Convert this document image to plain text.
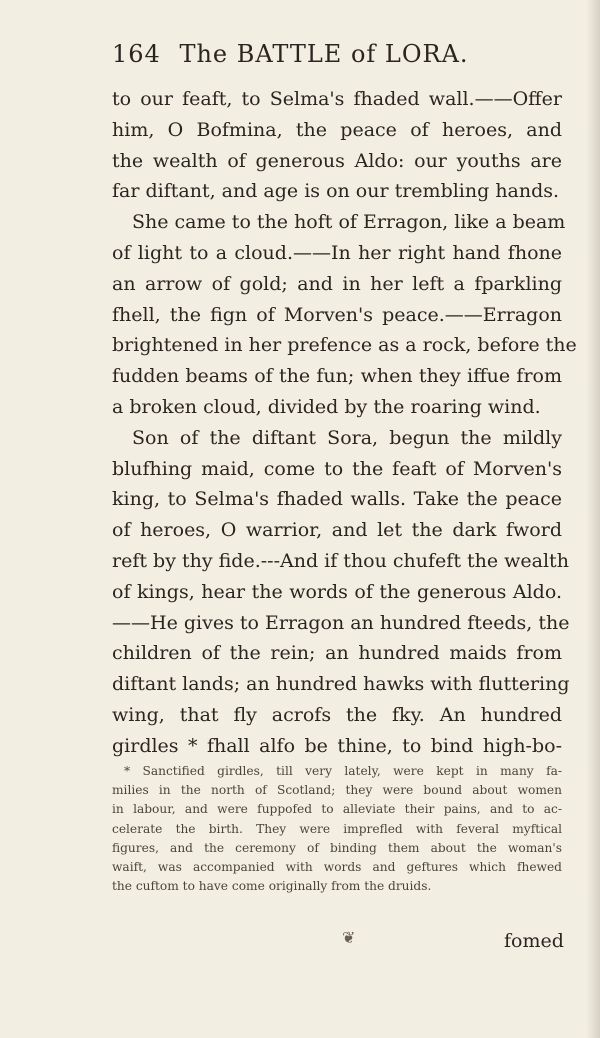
164 The BATTLE of LORA.
to our feaft, to Selma's fhaded wall.——Offer
him, O Bofmina, the peace of heroes, and
the wealth of generous Aldo: our youths are
far diftant, and age is on our trembling hands.
She came to the hoft of Erragon, like a beam
of light to a cloud.——In her right hand fhone
an arrow of gold; and in her left a fparkling
fhell, the fign of Morven's peace.——Erragon
brightened in her prefence as a rock, before the
fudden beams of the fun; when they iffue from
a broken cloud, divided by the roaring wind.
Son of the diftant Sora, begun the mildly
blufhing maid, come to the feaft of Morven's
king, to Selma's fhaded walls. Take the peace
of heroes, O warrior, and let the dark fword
reft by thy fide.---And if thou chufeft the wealth
of kings, hear the words of the generous Aldo.
——He gives to Erragon an hundred fteeds, the
children of the rein; an hundred maids from
diftant lands; an hundred hawks with fluttering
wing, that fly acrofs the fky. An hundred
girdles * fhall alfo be thine, to bind high-bo-
* Sanctified girdles, till very lately, were kept in many fa-
milies in the north of Scotland; they were bound about women
in labour, and were fuppofed to alleviate their pains, and to ac-
celerate the birth. They were imprefled with feveral myftical
figures, and the ceremony of binding them about the woman's
waift, was accompanied with words and geftures which fhewed
the cuftom to have come originally from the druids.
❦	fomed
